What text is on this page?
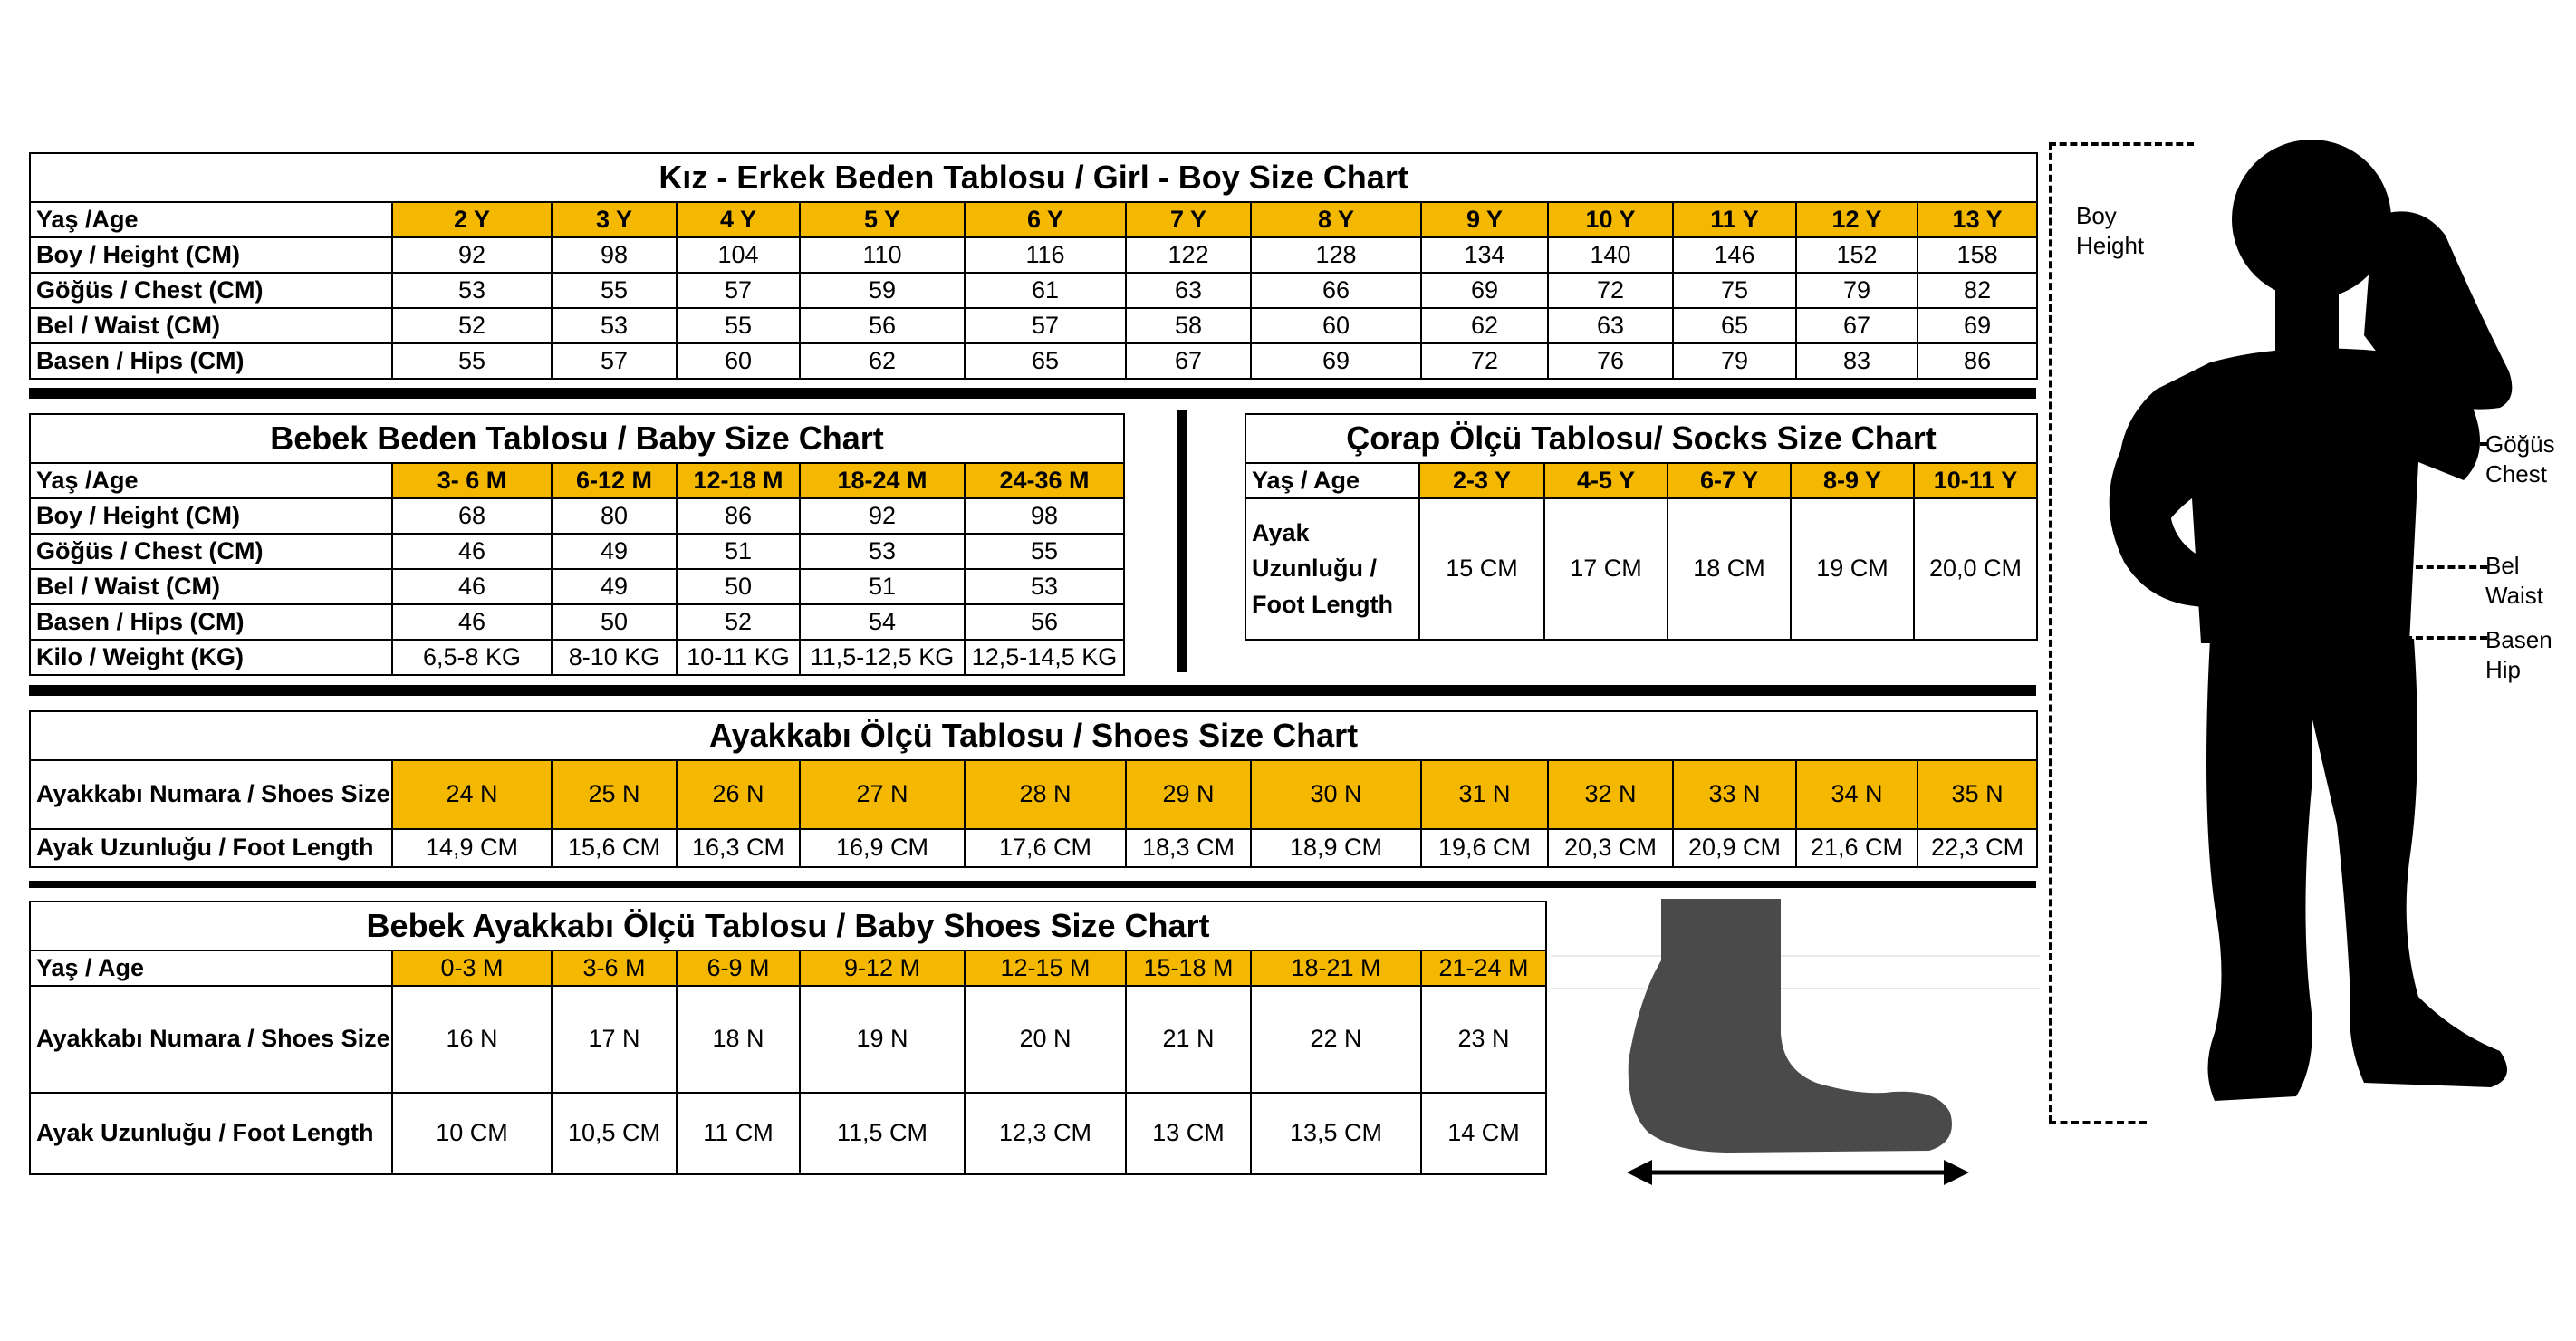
Kız - Erkek Beden Tablosu / Girl - Boy Size Chart												
Yaş /Age	2 Y	3 Y	4 Y	5 Y	6 Y	7 Y	8 Y	9 Y	10 Y	11 Y	12 Y	13 Y
Boy / Height (CM)	92	98	104	110	116	122	128	134	140	146	152	158
Göğüs / Chest (CM)	53	55	57	59	61	63	66	69	72	75	79	82
Bel / Waist (CM)	52	53	55	56	57	58	60	62	63	65	67	69
Basen / Hips (CM)	55	57	60	62	65	67	69	72	76	79	83	86
Bebek Beden Tablosu / Baby Size Chart					
Yaş /Age	3- 6 M	6-12 M	12-18 M	18-24 M	24-36 M
Boy / Height (CM)	68	80	86	92	98
Göğüs / Chest (CM)	46	49	51	53	55
Bel / Waist (CM)	46	49	50	51	53
Basen / Hips (CM)	46	50	52	54	56
Kilo / Weight (KG)	6,5-8 KG	8-10 KG	10-11 KG	11,5-12,5 KG	12,5-14,5 KG
Çorap Ölçü Tablosu/ Socks Size Chart					
Yaş / Age	2-3 Y	4-5 Y	6-7 Y	8-9 Y	10-11 Y
Ayak Uzunluğu / Foot Length	15 CM	17 CM	18 CM	19 CM	20,0 CM
Ayakkabı Ölçü Tablosu / Shoes Size Chart												
Ayakkabı Numara / Shoes Size	24 N	25 N	26 N	27 N	28 N	29 N	30 N	31 N	32 N	33 N	34 N	35 N
Ayak Uzunluğu / Foot Length	14,9 CM	15,6 CM	16,3 CM	16,9 CM	17,6 CM	18,3 CM	18,9 CM	19,6 CM	20,3 CM	20,9 CM	21,6 CM	22,3 CM
Bebek Ayakkabı Ölçü Tablosu / Baby Shoes Size Chart								
Yaş / Age	0-3 M	3-6 M	6-9 M	9-12 M	12-15 M	15-18 M	18-21 M	21-24 M
Ayakkabı Numara / Shoes Size	16 N	17 N	18 N	19 N	20 N	21 N	22 N	23 N
Ayak Uzunluğu / Foot Length	10 CM	10,5 CM	11 CM	11,5 CM	12,3 CM	13 CM	13,5 CM	14 CM
Boy
Height
Göğüs
Chest
Bel
Waist
Basen
Hip
